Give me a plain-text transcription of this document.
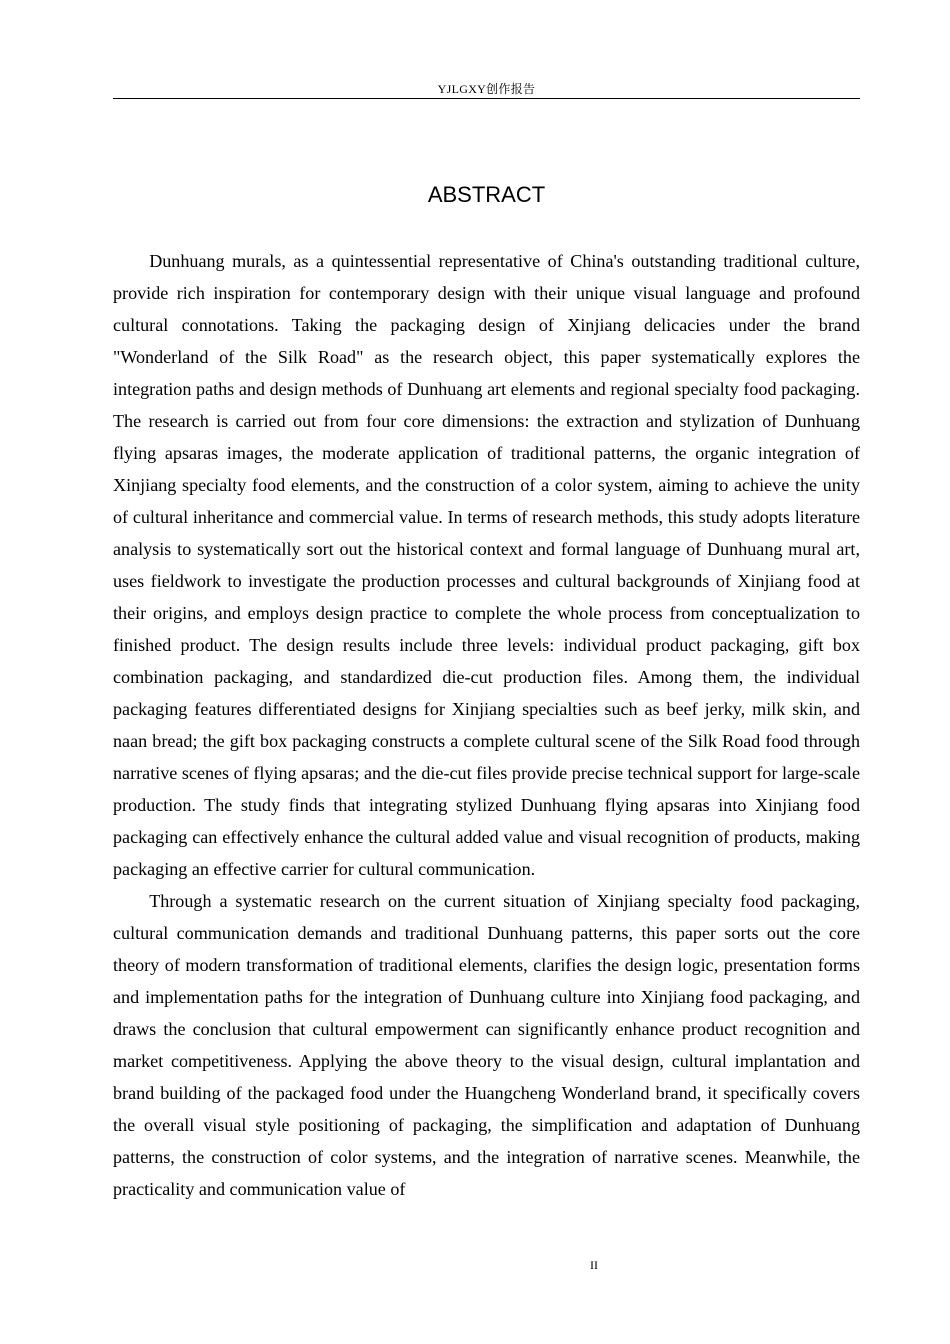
YJLGXY创作报告
ABSTRACT

Dunhuang murals, as a quintessential representative of China's outstanding traditional culture, provide rich inspiration for contemporary design with their unique visual language and profound cultural connotations. Taking the packaging design of Xinjiang delicacies under the brand "Wonderland of the Silk Road" as the research object, this paper systematically explores the integration paths and design methods of Dunhuang art elements and regional specialty food packaging. The research is carried out from four core dimensions: the extraction and stylization of Dunhuang flying apsaras images, the moderate application of traditional patterns, the organic integration of Xinjiang specialty food elements, and the construction of a color system, aiming to achieve the unity of cultural inheritance and commercial value. In terms of research methods, this study adopts literature analysis to systematically sort out the historical context and formal language of Dunhuang mural art, uses fieldwork to investigate the production processes and cultural backgrounds of Xinjiang food at their origins, and employs design practice to complete the whole process from conceptualization to finished product. The design results include three levels: individual product packaging, gift box combination packaging, and standardized die-cut production files. Among them, the individual packaging features differentiated designs for Xinjiang specialties such as beef jerky, milk skin, and naan bread; the gift box packaging constructs a complete cultural scene of the Silk Road food through narrative scenes of flying apsaras; and the die-cut files provide precise technical support for large-scale production. The study finds that integrating stylized Dunhuang flying apsaras into Xinjiang food packaging can effectively enhance the cultural added value and visual recognition of products, making packaging an effective carrier for cultural communication.

Through a systematic research on the current situation of Xinjiang specialty food packaging, cultural communication demands and traditional Dunhuang patterns, this paper sorts out the core theory of modern transformation of traditional elements, clarifies the design logic, presentation forms and implementation paths for the integration of Dunhuang culture into Xinjiang food packaging, and draws the conclusion that cultural empowerment can significantly enhance product recognition and market competitiveness. Applying the above theory to the visual design, cultural implantation and brand building of the packaged food under the Huangcheng Wonderland brand, it specifically covers the overall visual style positioning of packaging, the simplification and adaptation of Dunhuang patterns, the construction of color systems, and the integration of narrative scenes. Meanwhile, the practicality and communication value of

II
